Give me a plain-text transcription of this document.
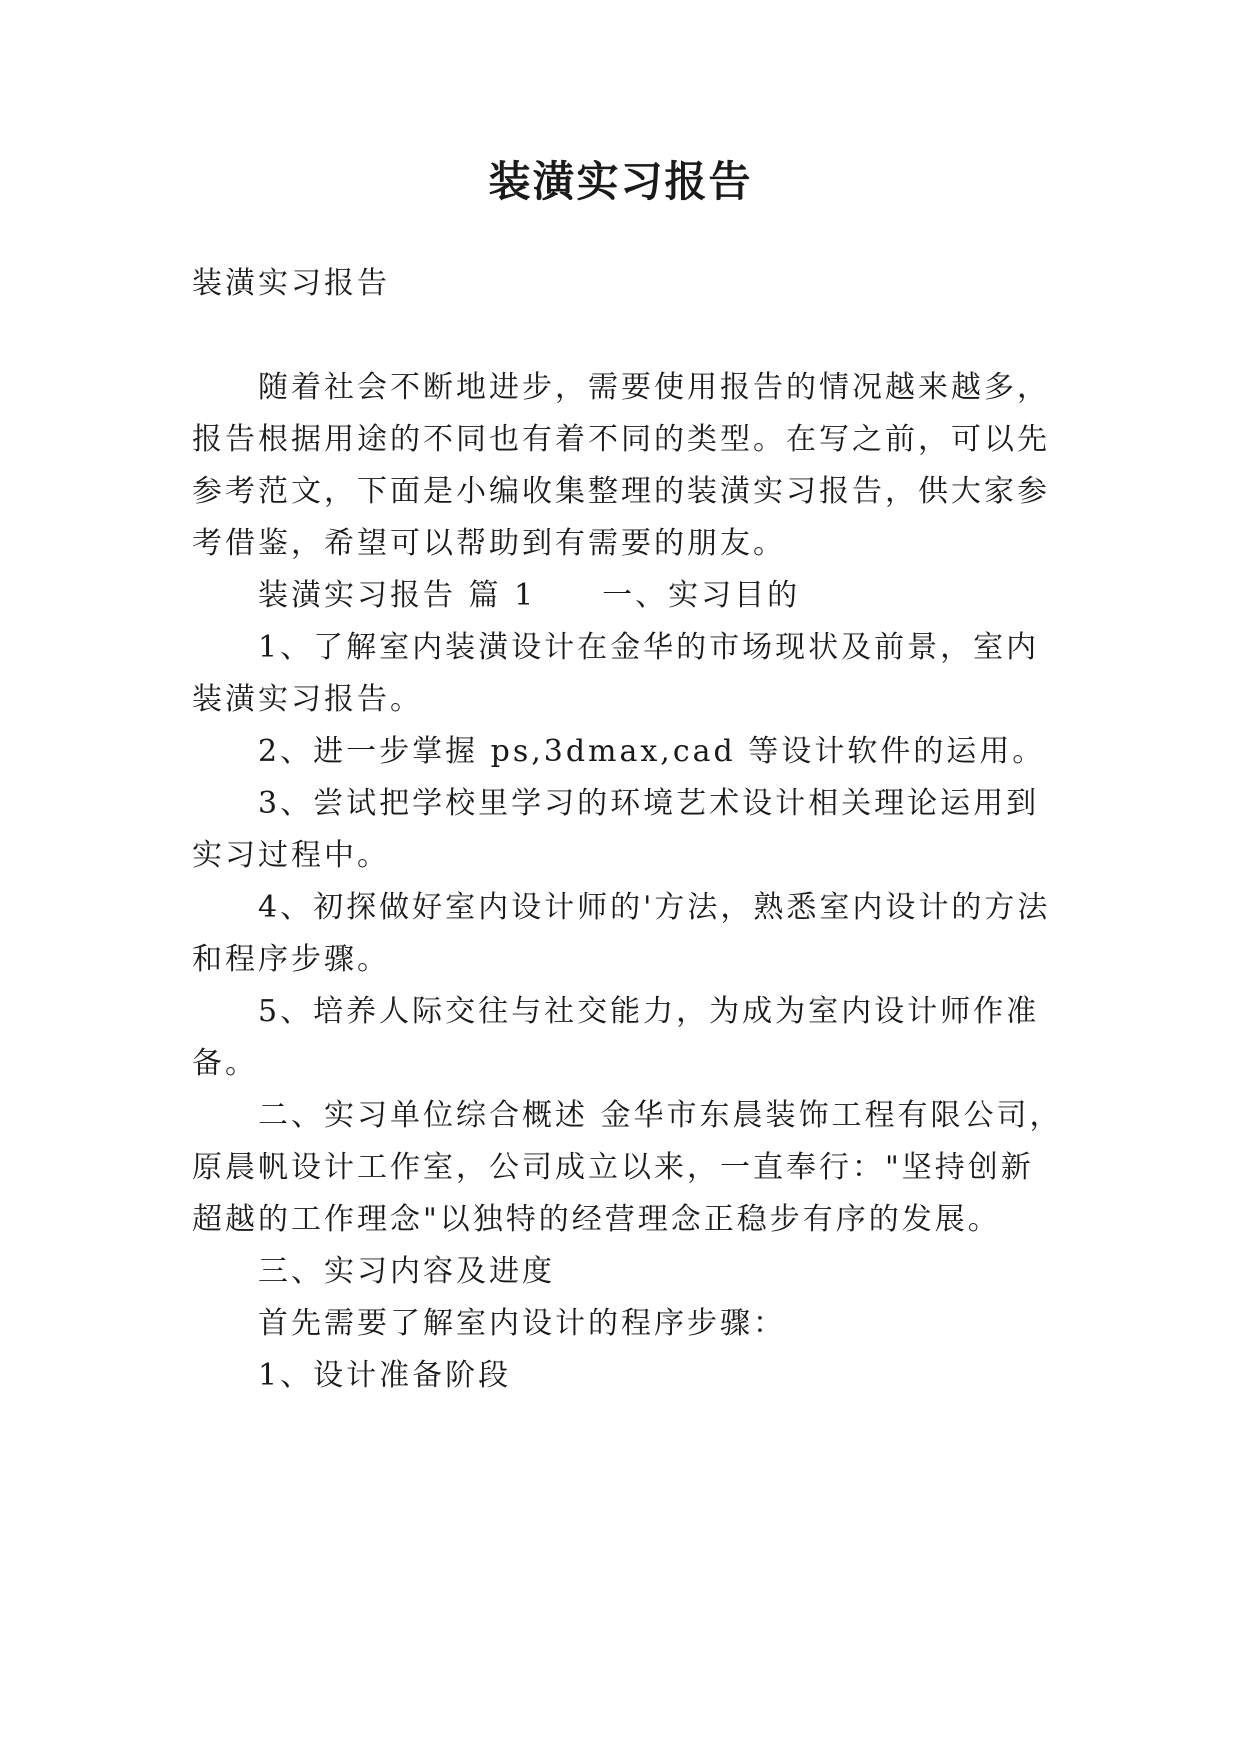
装潢实习报告

装潢实习报告

随着社会不断地进步，需要使用报告的情况越来越多，

报告根据用途的不同也有着不同的类型。在写之前，可以先

参考范文，下面是小编收集整理的装潢实习报告，供大家参

考借鉴，希望可以帮助到有需要的朋友。

装潢实习报告 篇 1　　一、实习目的

1、了解室内装潢设计在金华的市场现状及前景，室内

装潢实习报告。

2、进一步掌握 ps,3dmax,cad 等设计软件的运用。

3、尝试把学校里学习的环境艺术设计相关理论运用到

实习过程中。

4、初探做好室内设计师的'方法，熟悉室内设计的方法

和程序步骤。

5、培养人际交往与社交能力，为成为室内设计师作准

备。

二、实习单位综合概述 金华市东晨装饰工程有限公司，

原晨帆设计工作室，公司成立以来，一直奉行："坚持创新

超越的工作理念"以独特的经营理念正稳步有序的发展。

三、实习内容及进度

首先需要了解室内设计的程序步骤：

1、设计准备阶段
